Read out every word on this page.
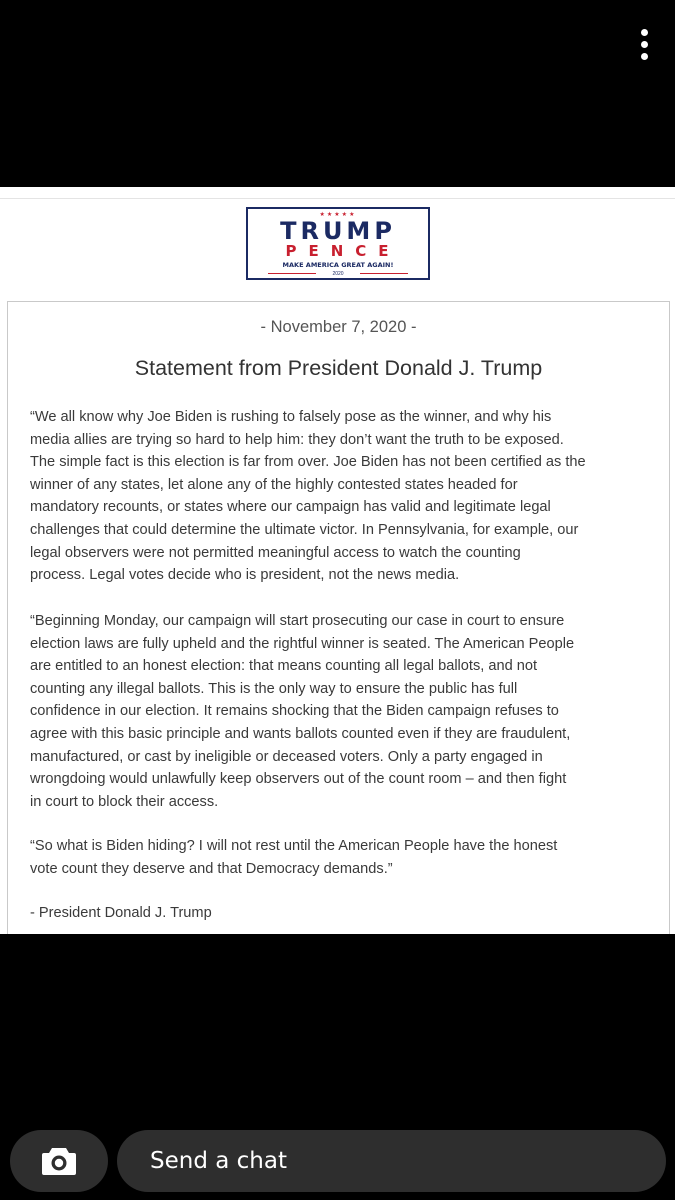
★★★★★
TRUMP
PENCE
MAKE AMERICA GREAT AGAIN!
2020
- November 7, 2020 -
Statement from President Donald J. Trump

“We all know why Joe Biden is rushing to falsely pose as the winner, and why his
media allies are trying so hard to help him: they don’t want the truth to be exposed.
The simple fact is this election is far from over. Joe Biden has not been certified as the
winner of any states, let alone any of the highly contested states headed for
mandatory recounts, or states where our campaign has valid and legitimate legal
challenges that could determine the ultimate victor. In Pennsylvania, for example, our
legal observers were not permitted meaningful access to watch the counting
process. Legal votes decide who is president, not the news media.

“Beginning Monday, our campaign will start prosecuting our case in court to ensure
election laws are fully upheld and the rightful winner is seated. The American People
are entitled to an honest election: that means counting all legal ballots, and not
counting any illegal ballots. This is the only way to ensure the public has full
confidence in our election. It remains shocking that the Biden campaign refuses to
agree with this basic principle and wants ballots counted even if they are fraudulent,
manufactured, or cast by ineligible or deceased voters. Only a party engaged in
wrongdoing would unlawfully keep observers out of the count room – and then fight
in court to block their access.

“So what is Biden hiding? I will not rest until the American People have the honest
vote count they deserve and that Democracy demands.”

- President Donald J. Trump

Send a chat
